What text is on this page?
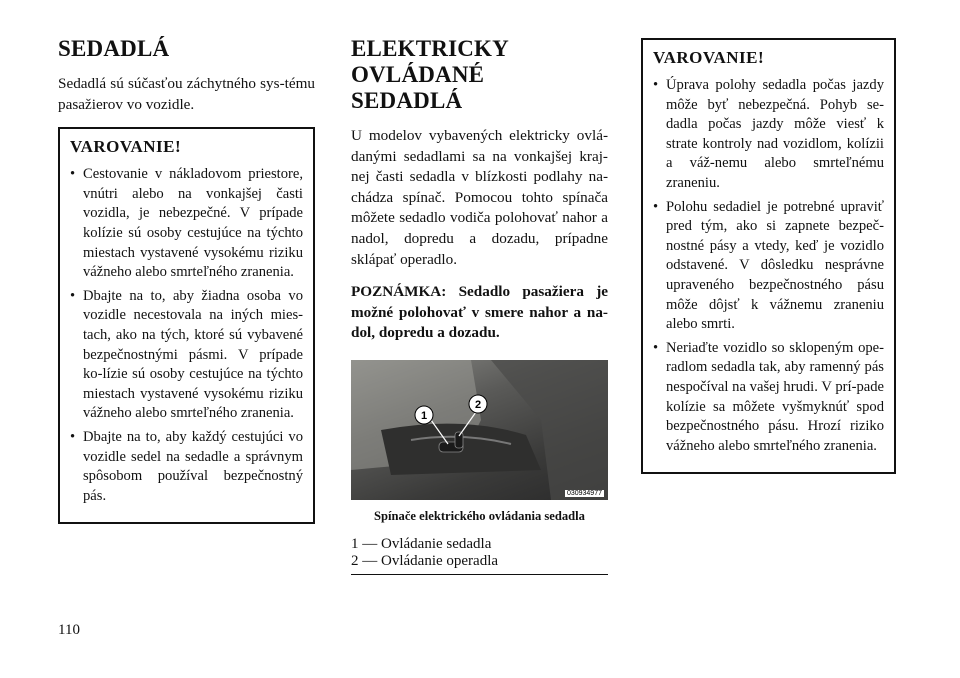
SEDADLÁ

Sedadlá sú súčasťou záchytného sys-tému pasažierov vo vozidle.

VAROVANIE!
• Cestovanie v nákladovom priestore, vnútri alebo na vonkajšej časti vozidla, je nebezpečné. V prípade kolízie sú osoby cestujúce na týchto miestach vystavené vysokému riziku vážneho alebo smrteľného zranenia.
• Dbajte na to, aby žiadna osoba vo vozidle necestovala na iných mies-tach, ako na tých, ktoré sú vybavené bezpečnostnými pásmi. V prípade ko-lízie sú osoby cestujúce na týchto miestach vystavené vysokému riziku vážneho alebo smrteľného zranenia.
• Dbajte na to, aby každý cestujúci vo vozidle sedel na sedadle a správnym spôsobom používal bezpečnostný pás.
ELEKTRICKY OVLÁDANÉ
SEDADLÁ

U modelov vybavených elektricky ovlá-danými sedadlami sa na vonkajšej kraj-nej časti sedadla v blízkosti podlahy na-chádza spínač. Pomocou tohto spínača môžete sedadlo vodiča polohovať nahor a nadol, dopredu a dozadu, prípadne sklápať operadlo.

POZNÁMKA: Sedadlo pasažiera je možné polohovať v smere nahor a na-dol, dopredu a dozadu.

1
2
030934977
Spínače elektrického ovládania sedadla
1 — Ovládanie sedadla
2 — Ovládanie operadla
VAROVANIE!
• Úprava polohy sedadla počas jazdy môže byť nebezpečná. Pohyb se-dadla počas jazdy môže viesť k strate kontroly nad vozidlom, kolízii a váž-nemu alebo smrteľnému zraneniu.
• Polohu sedadiel je potrebné upraviť pred tým, ako si zapnete bezpeč-nostné pásy a vtedy, keď je vozidlo odstavené. V dôsledku nesprávne upraveného bezpečnostného pásu môže dôjsť k vážnemu zraneniu alebo smrti.
• Neriaďte vozidlo so sklopeným ope-radlom sedadla tak, aby ramenný pás nespočíval na vašej hrudi. V prí-pade kolízie sa môžete vyšmyknúť spod bezpečnostného pásu. Hrozí riziko vážneho alebo smrteľného zranenia.
110
